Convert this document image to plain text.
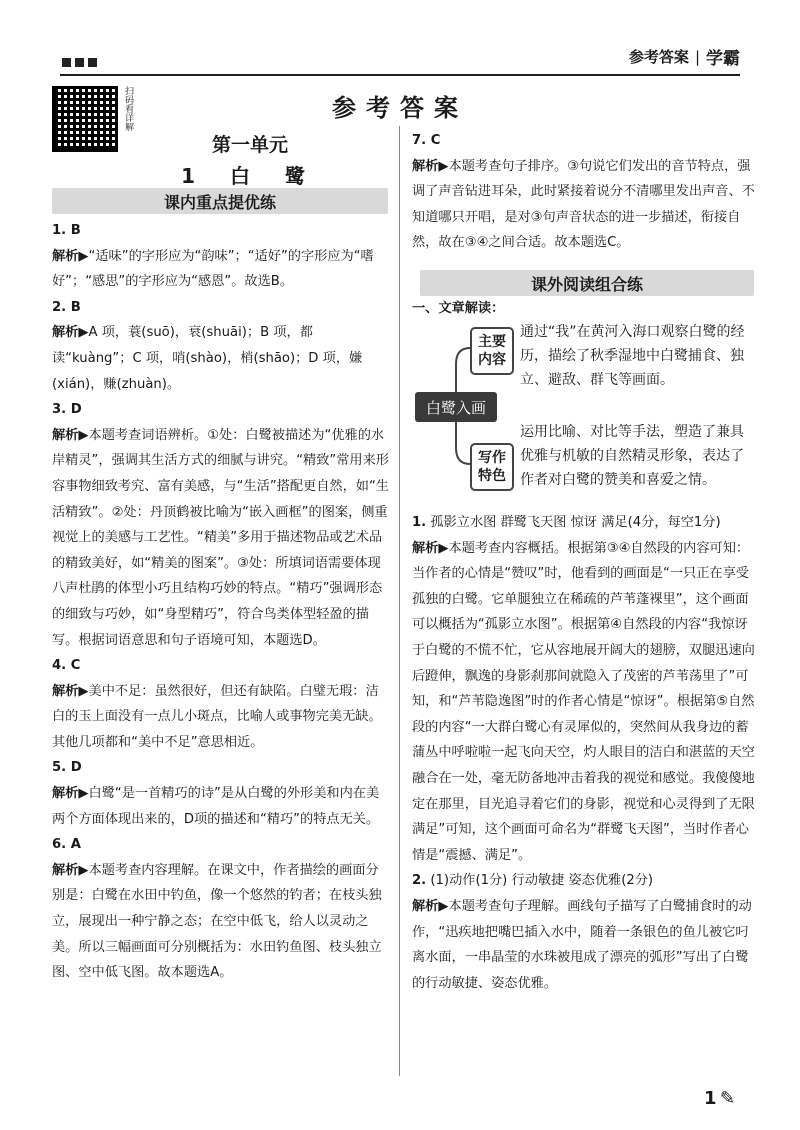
参考答案 | 学霸
扫码看详解	参考答案
第一单元
1 白 鹭
课内重点提优练
1. B

解析▶“适味”的字形应为“韵味”；“适好”的字形应为“嗜好”；“感思”的字形应为“感恩”。故选B。

2. B

解析▶A 项，蓑(suō)，衰(shuāi)；B 项，都读“kuàng”；C 项，哨(shào)，梢(shāo)；D 项，嫌(xián)，赚(zhuàn)。

3. D

解析▶本题考查词语辨析。①处：白鹭被描述为“优雅的水岸精灵”，强调其生活方式的细腻与讲究。“精致”常用来形容事物细致考究、富有美感，与“生活”搭配更自然，如“生活精致”。②处：丹顶鹤被比喻为“嵌入画框”的图案，侧重视觉上的美感与工艺性。“精美”多用于描述物品或艺术品的精致美好，如“精美的图案”。③处：所填词语需要体现八声杜鹃的体型小巧且结构巧妙的特点。“精巧”强调形态的细致与巧妙，如“身型精巧”，符合鸟类体型轻盈的描写。根据词语意思和句子语境可知，本题选D。

4. C

解析▶美中不足：虽然很好，但还有缺陷。白璧无瑕：洁白的玉上面没有一点儿小斑点，比喻人或事物完美无缺。其他几项都和“美中不足”意思相近。

5. D

解析▶白鹭“是一首精巧的诗”是从白鹭的外形美和内在美两个方面体现出来的，D项的描述和“精巧”的特点无关。

6. A

解析▶本题考查内容理解。在课文中，作者描绘的画面分别是：白鹭在水田中钓鱼，像一个悠然的钓者；在枝头独立，展现出一种宁静之态；在空中低飞，给人以灵动之美。所以三幅画面可分别概括为：水田钓鱼图、枝头独立图、空中低飞图。故本题选A。

7. C

解析▶本题考查句子排序。③句说它们发出的音节特点，强调了声音钻进耳朵，此时紧接着说分不清哪里发出声音、不知道哪只开唱，是对③句声音状态的进一步描述，衔接自然，故在③④之间合适。故本题选C。

课外阅读组合练
一、文章解读：
白鹭入画
主要内容
通过“我”在黄河入海口观察白鹭的经历，描绘了秋季湿地中白鹭捕食、独立、避敌、群飞等画面。
写作特色
运用比喻、对比等手法，塑造了兼具优雅与机敏的自然精灵形象，表达了作者对白鹭的赞美和喜爱之情。

1. 孤影立水图 群鹭飞天图 惊讶 满足(4分，每空1分)

解析▶本题考查内容概括。根据第③④自然段的内容可知：当作者的心情是“赞叹”时，他看到的画面是“一只正在享受孤独的白鹭。它单腿独立在稀疏的芦苇蓬裸里”，这个画面可以概括为“孤影立水图”。根据第④自然段的内容“我惊讶于白鹭的不慌不忙，它从容地展开阔大的翅膀，双腿迅速向后蹬伸，飘逸的身影刹那间就隐入了茂密的芦苇荡里了”可知，和“芦苇隐逸图”时的作者心情是“惊讶”。根据第⑤自然段的内容“一大群白鹭心有灵犀似的，突然间从我身边的蓄蒲丛中呼啦啦一起飞向天空，灼人眼目的洁白和湛蓝的天空融合在一处，毫无防备地冲击着我的视觉和感觉。我傻傻地定在那里，目光追寻着它们的身影，视觉和心灵得到了无限满足”可知，这个画面可命名为“群鹭飞天图”，当时作者心情是“震撼、满足”。

2. (1)动作(1分) 行动敏捷 姿态优雅(2分)

解析▶本题考查句子理解。画线句子描写了白鹭捕食时的动作，“迅疾地把嘴巴插入水中，随着一条银色的鱼儿被它叼离水面，一串晶莹的水珠被甩成了漂亮的弧形”写出了白鹭的行动敏捷、姿态优雅。

1 ✎
